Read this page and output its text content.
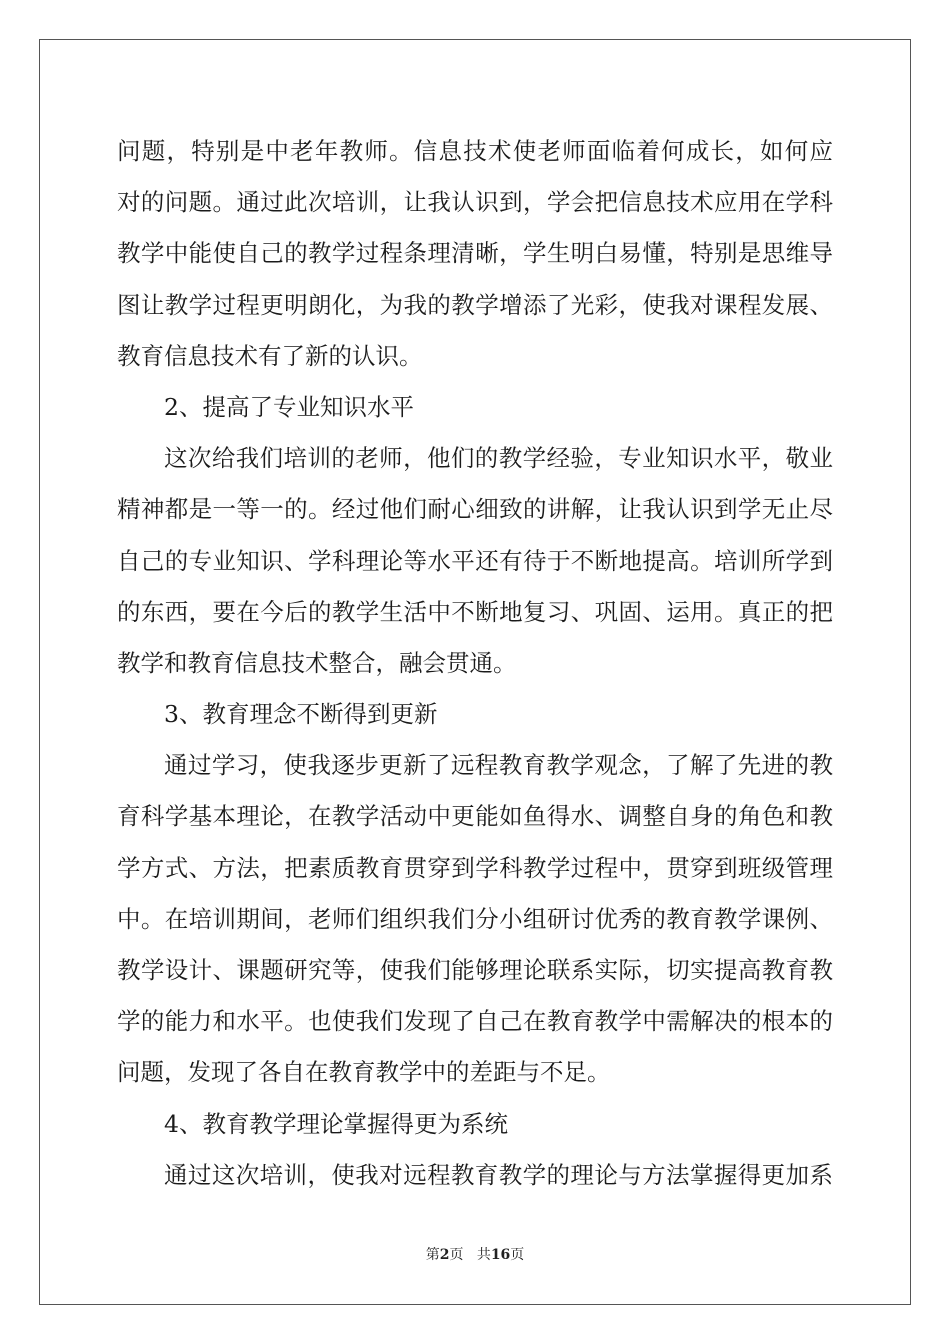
问题，特别是中老年教师。信息技术使老师面临着何成长，如何应
对的问题。通过此次培训，让我认识到，学会把信息技术应用在学科
教学中能使自己的教学过程条理清晰，学生明白易懂，特别是思维导
图让教学过程更明朗化，为我的教学增添了光彩，使我对课程发展、
教育信息技术有了新的认识。
2、提高了专业知识水平
这次给我们培训的老师，他们的教学经验，专业知识水平，敬业
精神都是一等一的。经过他们耐心细致的讲解，让我认识到学无止尽
自己的专业知识、学科理论等水平还有待于不断地提高。培训所学到
的东西，要在今后的教学生活中不断地复习、巩固、运用。真正的把
教学和教育信息技术整合，融会贯通。
3、教育理念不断得到更新
通过学习，使我逐步更新了远程教育教学观念，了解了先进的教
育科学基本理论，在教学活动中更能如鱼得水、调整自身的角色和教
学方式、方法，把素质教育贯穿到学科教学过程中，贯穿到班级管理
中。在培训期间，老师们组织我们分小组研讨优秀的教育教学课例、
教学设计、课题研究等，使我们能够理论联系实际，切实提高教育教
学的能力和水平。也使我们发现了自己在教育教学中需解决的根本的
问题，发现了各自在教育教学中的差距与不足。
4、教育教学理论掌握得更为系统
通过这次培训，使我对远程教育教学的理论与方法掌握得更加系
第2页 共16页
